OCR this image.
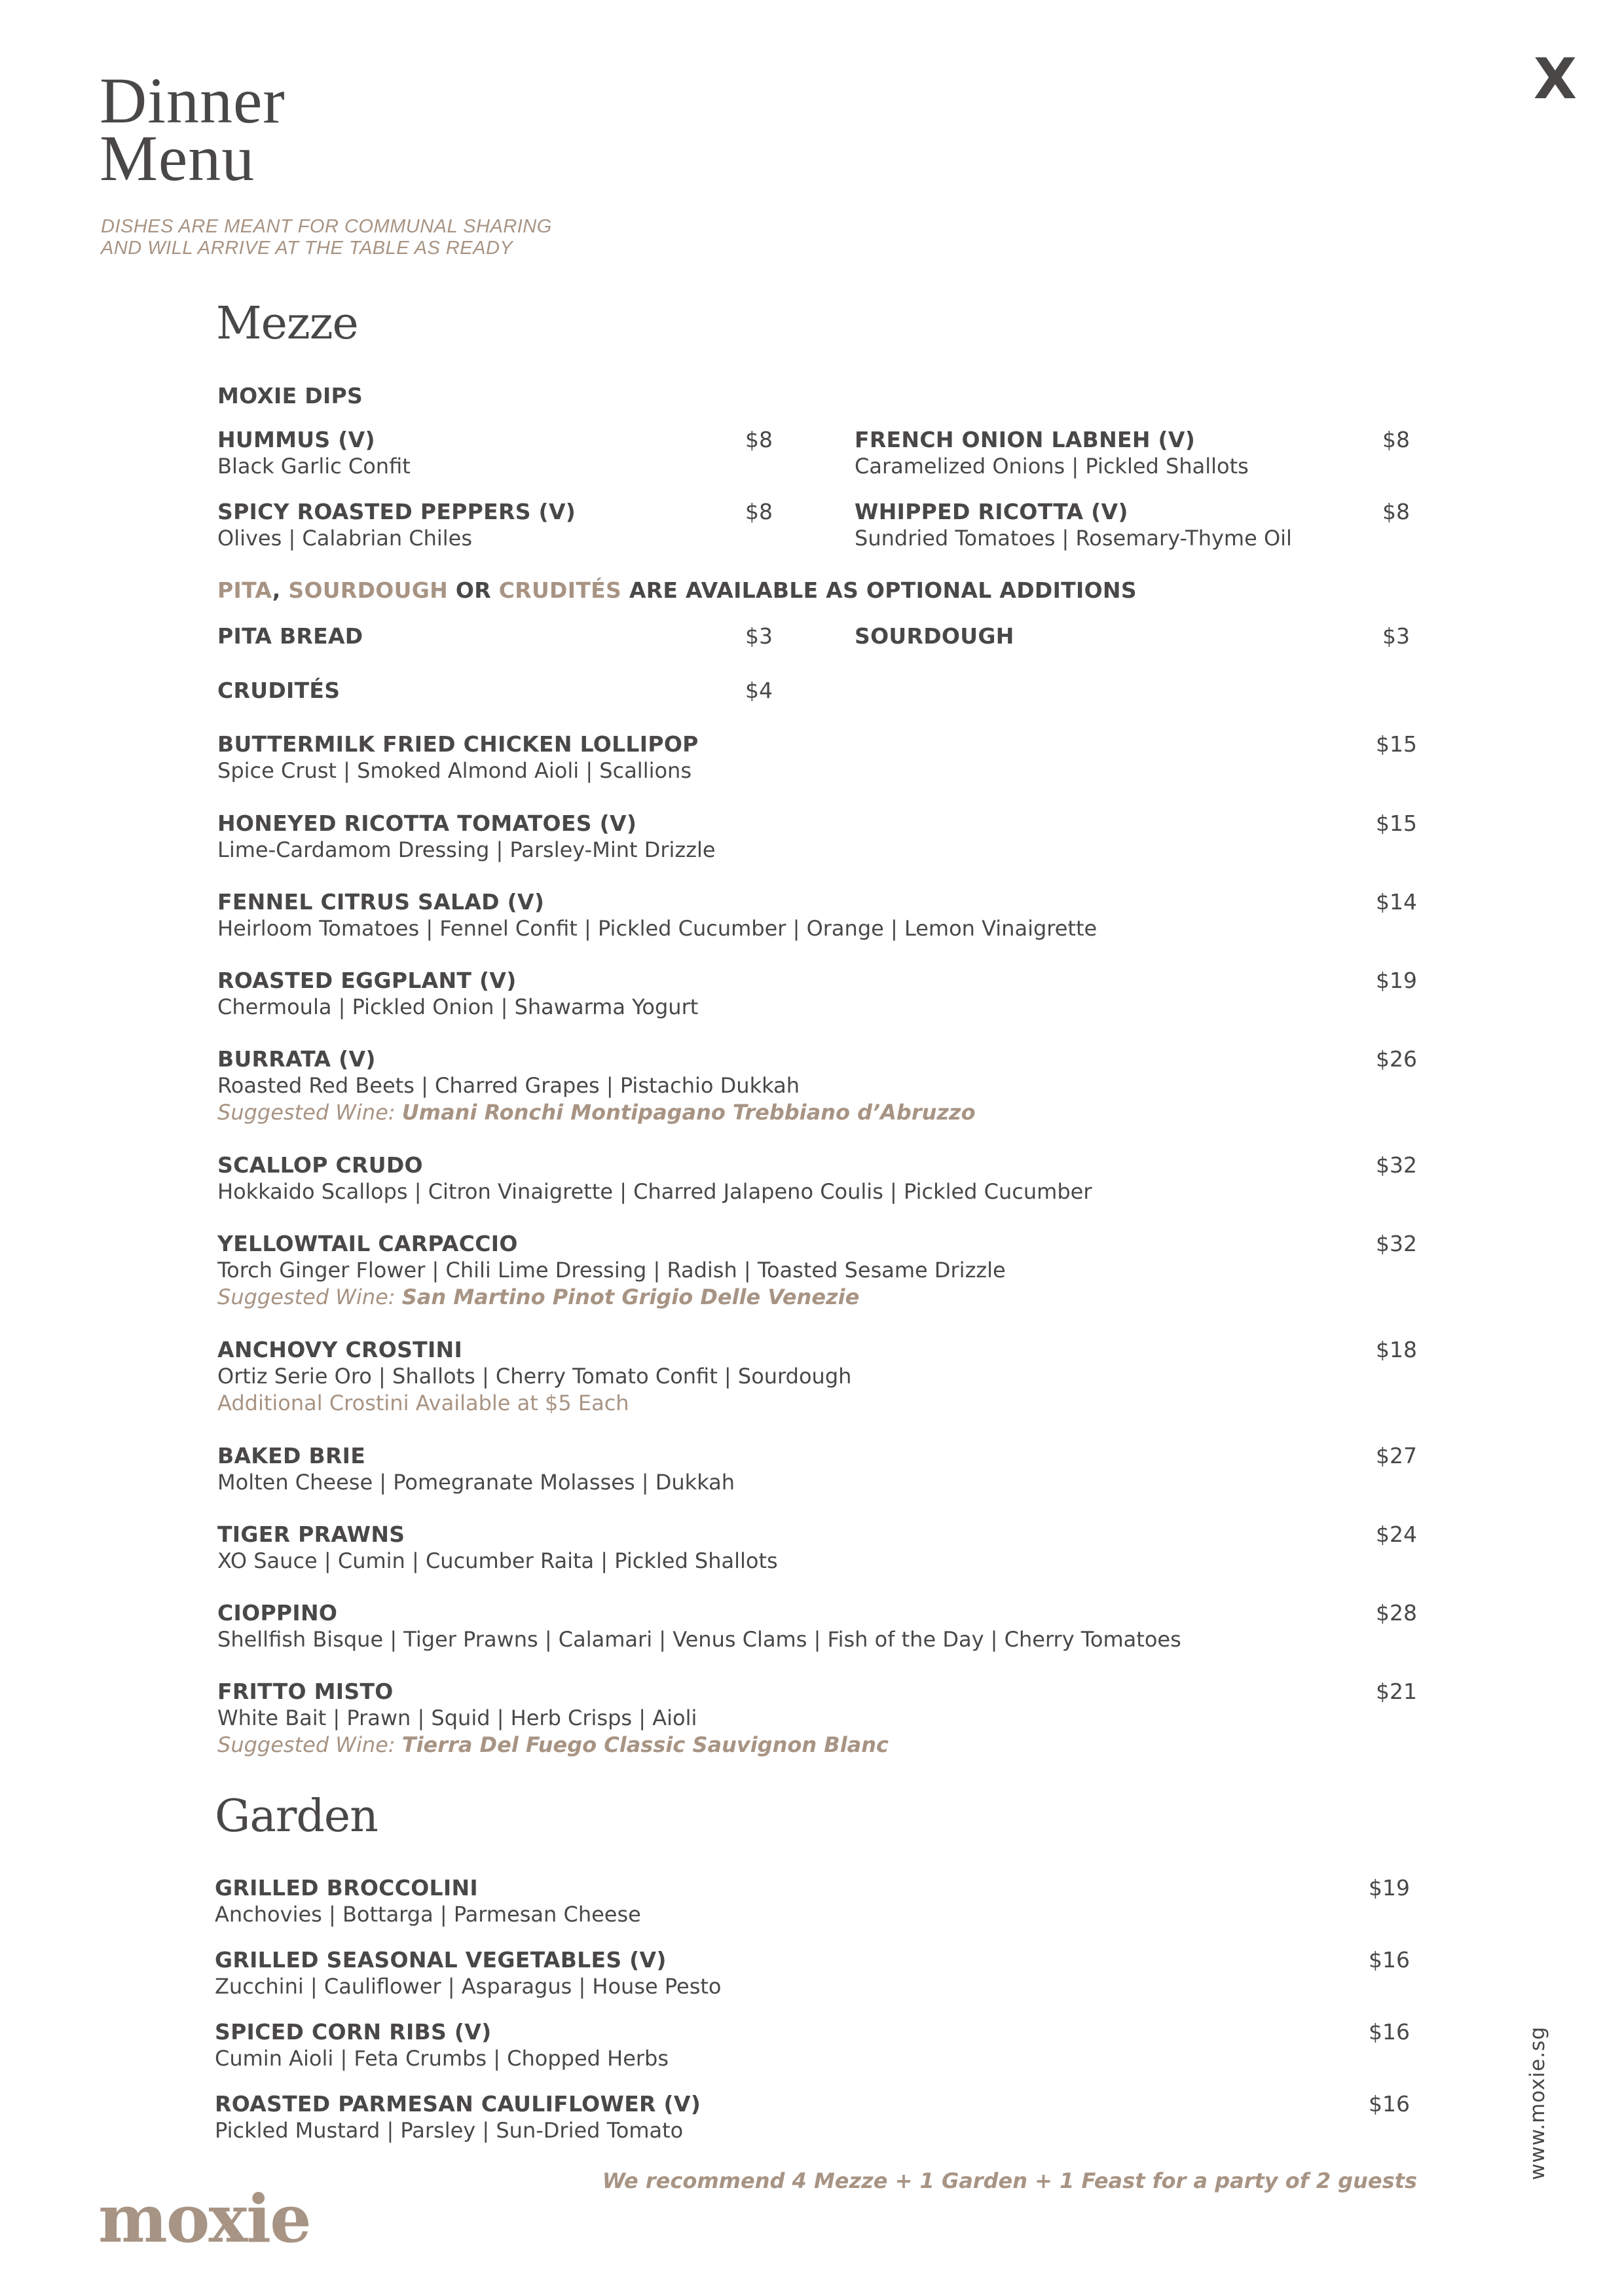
Dinner
Menu
DISHES ARE MEANT FOR COMMUNAL SHARING
AND WILL ARRIVE AT THE TABLE AS READY
X
Mezze
MOXIE DIPS
HUMMUS (V)	$8
Black Garlic Confit
FRENCH ONION LABNEH (V)	$8
Caramelized Onions | Pickled Shallots
SPICY ROASTED PEPPERS (V)	$8
Olives | Calabrian Chiles
WHIPPED RICOTTA (V)	$8
Sundried Tomatoes | Rosemary-Thyme Oil
PITA, SOURDOUGH OR CRUDITÉS ARE AVAILABLE AS OPTIONAL ADDITIONS
PITA BREAD	$3	SOURDOUGH	$3
CRUDITÉS	$4
BUTTERMILK FRIED CHICKEN LOLLIPOP	$15
Spice Crust | Smoked Almond Aioli | Scallions
HONEYED RICOTTA TOMATOES (V)	$15
Lime-Cardamom Dressing | Parsley-Mint Drizzle
FENNEL CITRUS SALAD (V)	$14
Heirloom Tomatoes | Fennel Confit | Pickled Cucumber | Orange | Lemon Vinaigrette
ROASTED EGGPLANT (V)	$19
Chermoula | Pickled Onion | Shawarma Yogurt
BURRATA (V)	$26
Roasted Red Beets | Charred Grapes | Pistachio Dukkah
Suggested Wine: Umani Ronchi Montipagano Trebbiano d’Abruzzo
SCALLOP CRUDO	$32
Hokkaido Scallops | Citron Vinaigrette | Charred Jalapeno Coulis | Pickled Cucumber
YELLOWTAIL CARPACCIO	$32
Torch Ginger Flower | Chili Lime Dressing | Radish | Toasted Sesame Drizzle
Suggested Wine: San Martino Pinot Grigio Delle Venezie
ANCHOVY CROSTINI	$18
Ortiz Serie Oro | Shallots | Cherry Tomato Confit | Sourdough
Additional Crostini Available at $5 Each
BAKED BRIE	$27
Molten Cheese | Pomegranate Molasses | Dukkah
TIGER PRAWNS	$24
XO Sauce | Cumin | Cucumber Raita | Pickled Shallots
CIOPPINO	$28
Shellfish Bisque | Tiger Prawns | Calamari | Venus Clams | Fish of the Day | Cherry Tomatoes
FRITTO MISTO	$21
White Bait | Prawn | Squid | Herb Crisps | Aioli
Suggested Wine: Tierra Del Fuego Classic Sauvignon Blanc
Garden
GRILLED BROCCOLINI	$19
Anchovies | Bottarga | Parmesan Cheese
GRILLED SEASONAL VEGETABLES (V)	$16
Zucchini | Cauliflower | Asparagus | House Pesto
SPICED CORN RIBS (V)	$16
Cumin Aioli | Feta Crumbs | Chopped Herbs
ROASTED PARMESAN CAULIFLOWER (V)	$16
Pickled Mustard | Parsley | Sun-Dried Tomato
We recommend 4 Mezze + 1 Garden + 1 Feast for a party of 2 guests
moxie
www.moxie.sg
